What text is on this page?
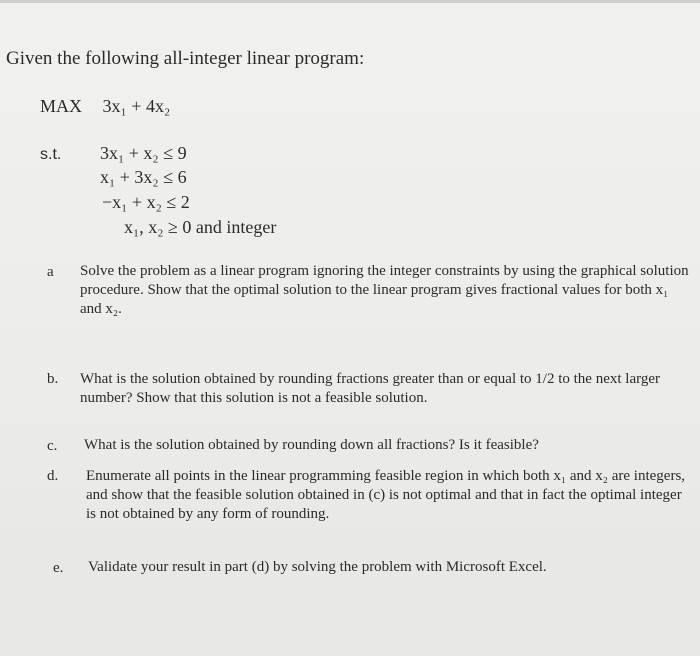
Given the following all-integer linear program:
MAX 3x₁ + 4x₂
s.t. 3x₁ + x₂ ≤ 9
x₁ + 3x₂ ≤ 6
−x₁ + x₂ ≤ 2
x₁, x₂ ≥ 0 and integer
a Solve the problem as a linear program ignoring the integer constraints by using the graphical solution procedure. Show that the optimal solution to the linear program gives fractional values for both x₁ and x₂.
b. What is the solution obtained by rounding fractions greater than or equal to 1/2 to the next larger number? Show that this solution is not a feasible solution.
c. What is the solution obtained by rounding down all fractions? Is it feasible?
d. Enumerate all points in the linear programming feasible region in which both x₁ and x₂ are integers, and show that the feasible solution obtained in (c) is not optimal and that in fact the optimal integer is not obtained by any form of rounding.
e. Validate your result in part (d) by solving the problem with Microsoft Excel.
